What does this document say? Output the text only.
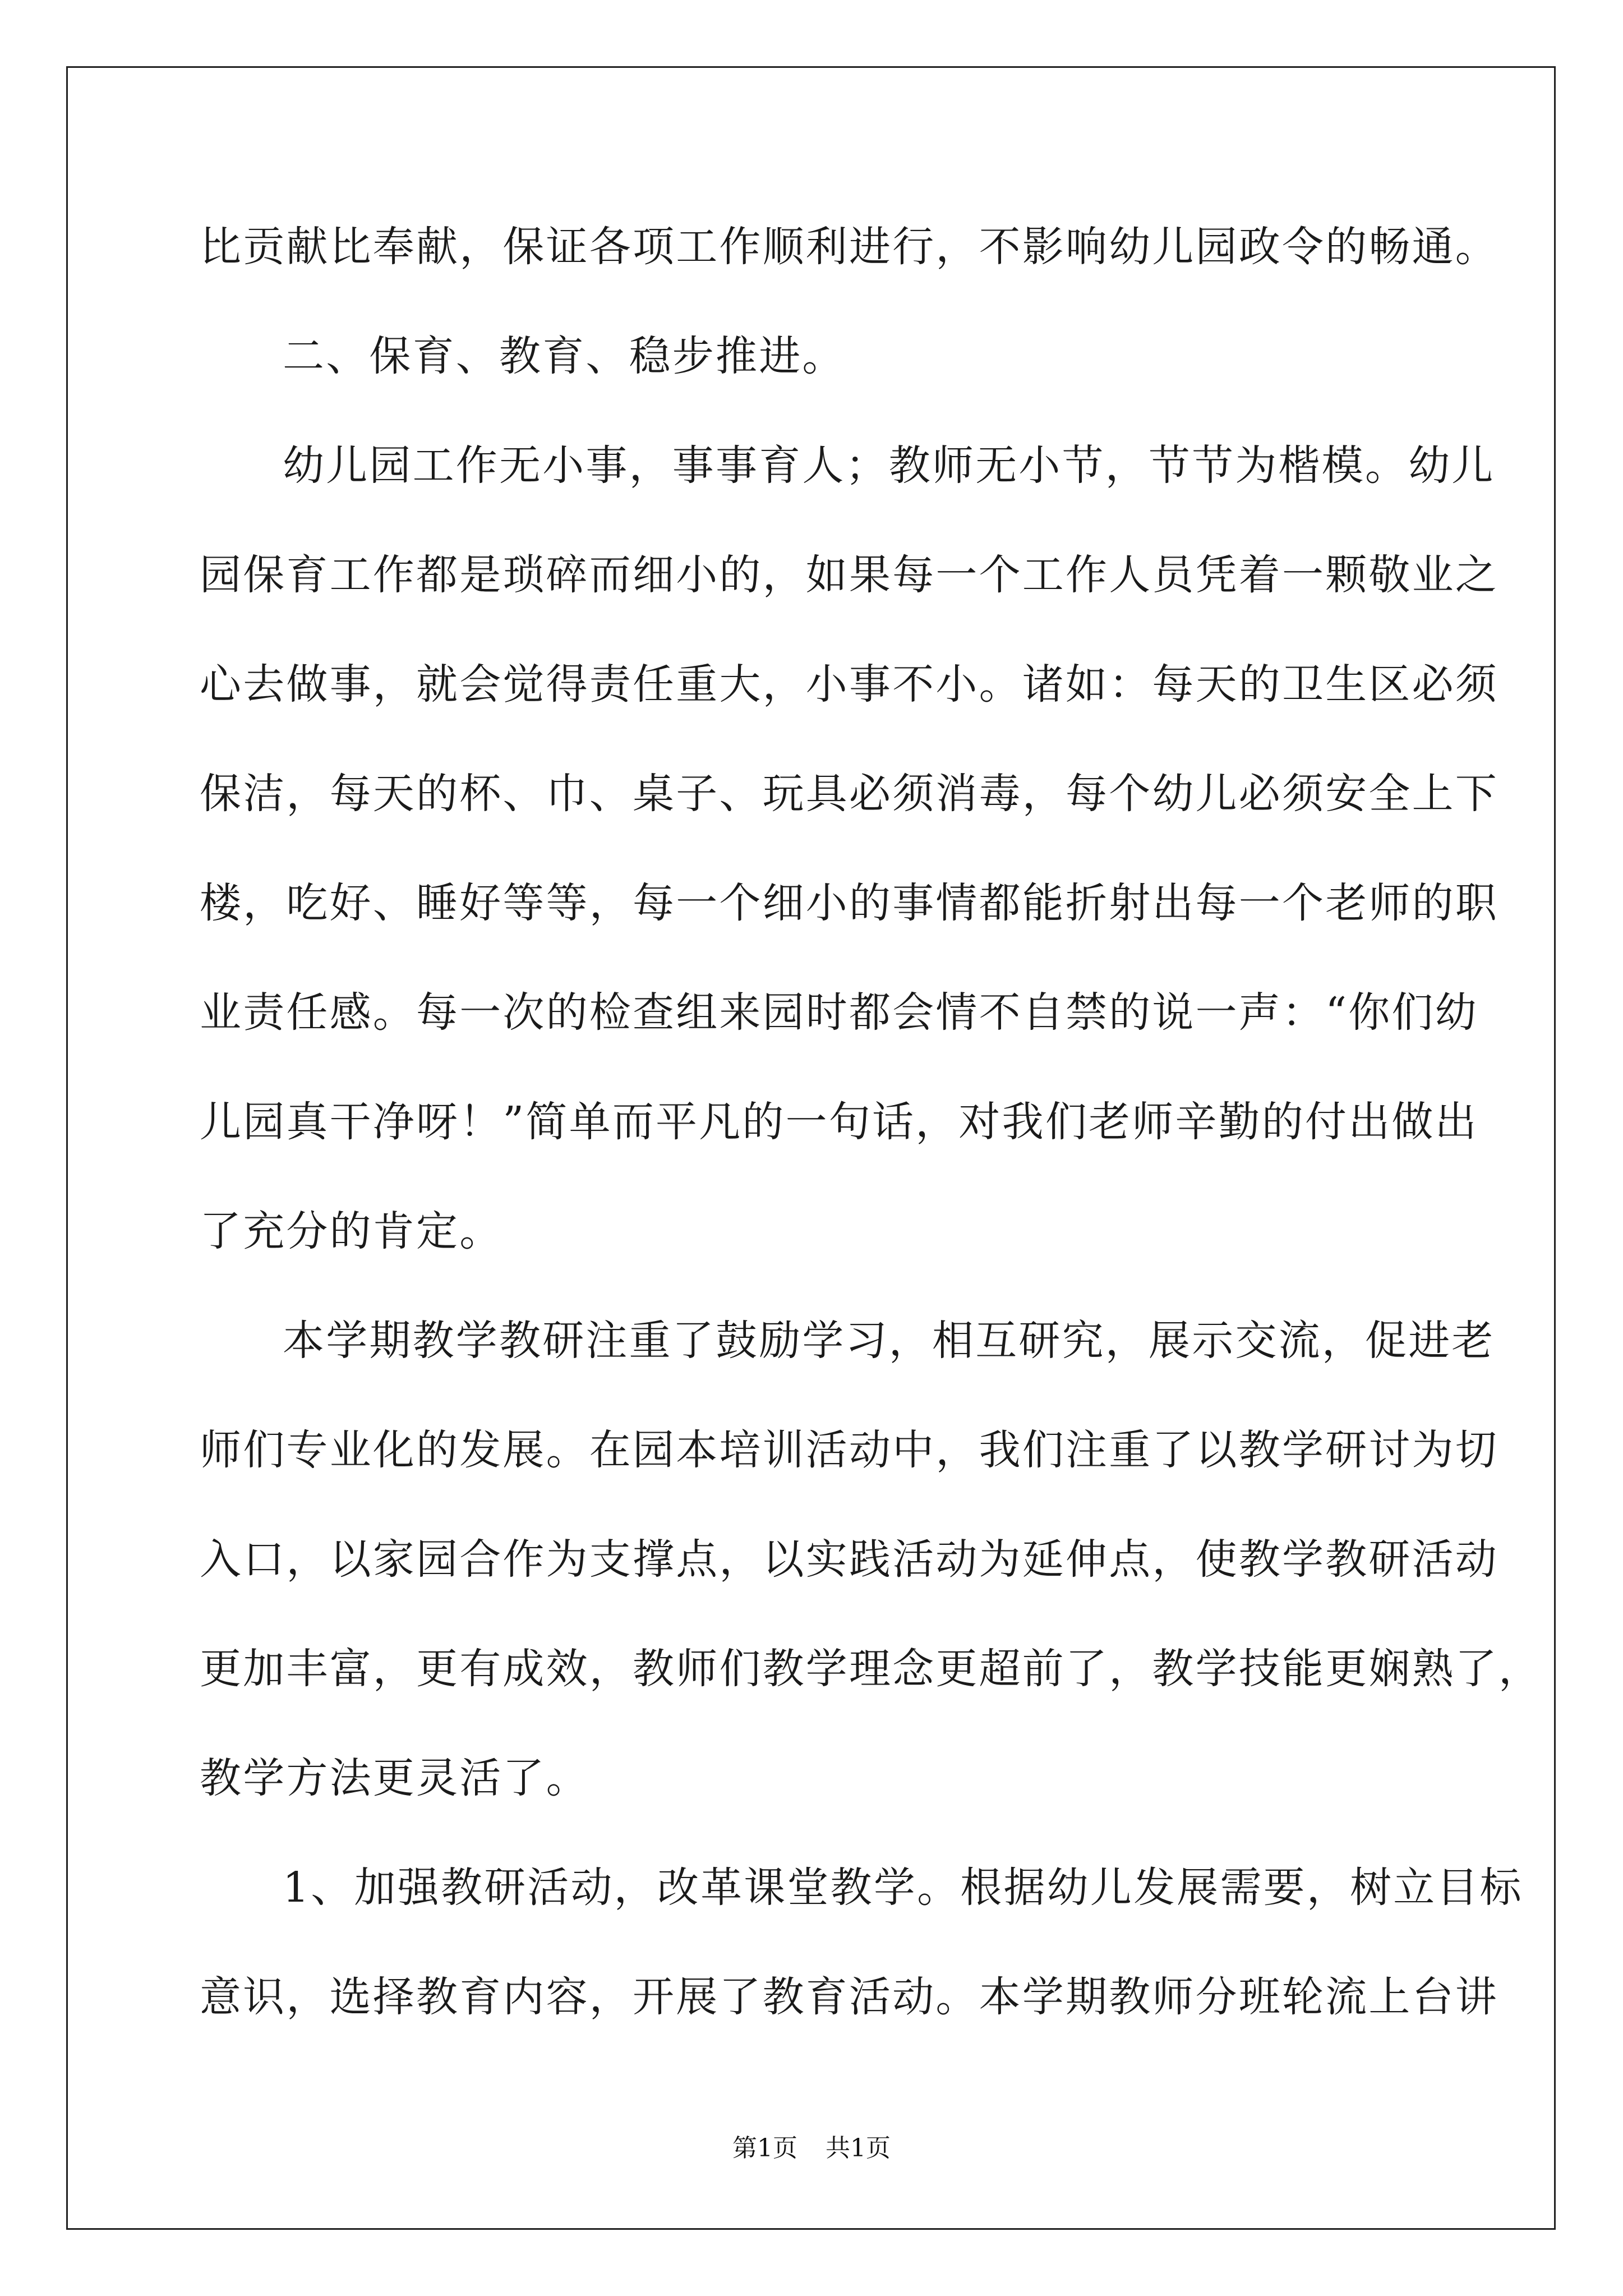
比贡献比奉献，保证各项工作顺利进行，不影响幼儿园政令的畅通。
二、保育、教育、稳步推进。
幼儿园工作无小事，事事育人；教师无小节，节节为楷模。幼儿
园保育工作都是琐碎而细小的，如果每一个工作人员凭着一颗敬业之
心去做事，就会觉得责任重大，小事不小。诸如：每天的卫生区必须
保洁，每天的杯、巾、桌子、玩具必须消毒，每个幼儿必须安全上下
楼，吃好、睡好等等，每一个细小的事情都能折射出每一个老师的职
业责任感。每一次的检查组来园时都会情不自禁的说一声：“你们幼
儿园真干净呀！”简单而平凡的一句话，对我们老师辛勤的付出做出
了充分的肯定。
本学期教学教研注重了鼓励学习，相互研究，展示交流，促进老
师们专业化的发展。在园本培训活动中，我们注重了以教学研讨为切
入口，以家园合作为支撑点，以实践活动为延伸点，使教学教研活动
更加丰富，更有成效，教师们教学理念更超前了，教学技能更娴熟了，
教学方法更灵活了。
1、加强教研活动，改革课堂教学。根据幼儿发展需要，树立目标
意识，选择教育内容，开展了教育活动。本学期教师分班轮流上台讲
第1页 共1页
